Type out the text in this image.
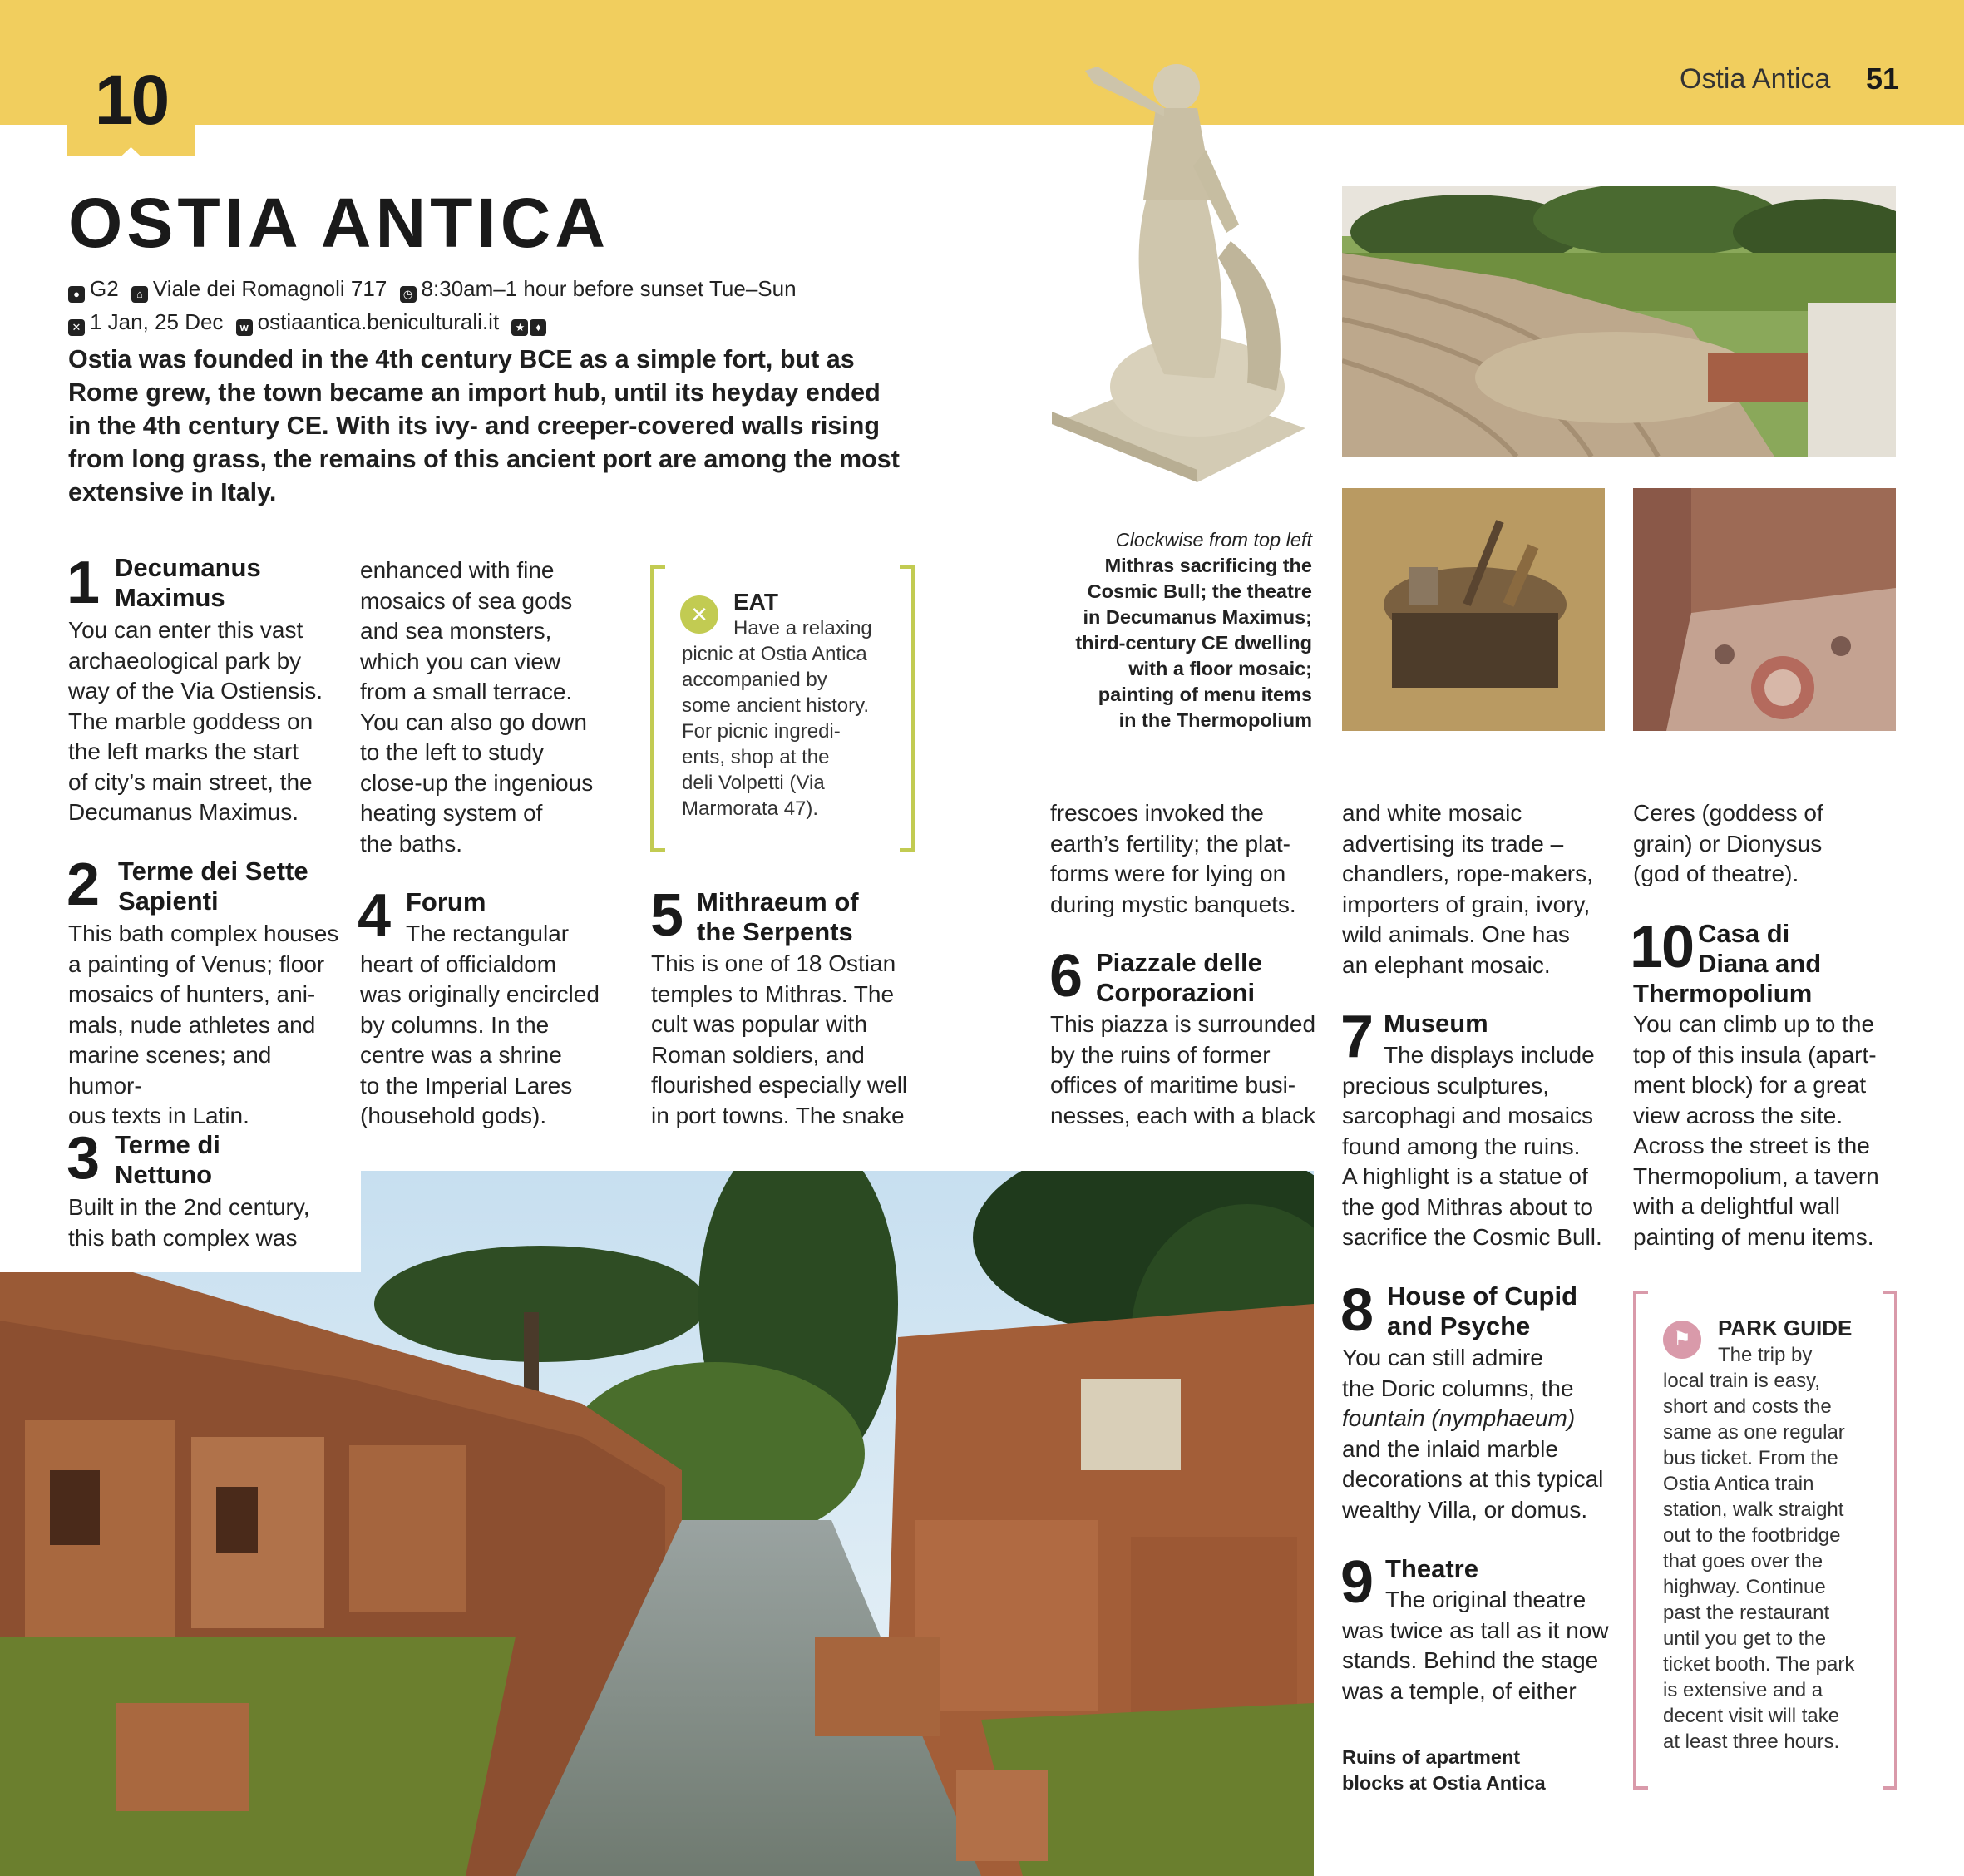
10	Ostia Antica 51
OSTIA ANTICA
● G2 ⌂ Viale dei Romagnoli 717 ◷ 8:30am–1 hour before sunset Tue–Sun
✕ 1 Jan, 25 Dec w ostiaantica.beniculturali.it ★ ♦
Ostia was founded in the 4th century BCE as a simple fort, but as
Rome grew, the town became an import hub, until its heyday ended
in the 4th century CE. With its ivy- and creeper-covered walls rising
from long grass, the remains of this ancient port are among the most
extensive in Italy.
1 Decumanus
Maximus
You can enter this vast
archaeological park by
way of the Via Ostiensis.
The marble goddess on
the left marks the start
of city’s main street, the
Decumanus Maximus.
2 Terme dei Sette
Sapienti
This bath complex houses
a painting of Venus; floor
mosaics of hunters, ani-
mals, nude athletes and
marine scenes; and humor-
ous texts in Latin.
enhanced with fine
mosaics of sea gods
and sea monsters,
which you can view
from a small terrace.
You can also go down
to the left to study
close-up the ingenious
heating system of
the baths.
4 Forum
The rectangular
heart of officialdom
was originally encircled
by columns. In the
centre was a shrine
to the Imperial Lares
(household gods).
✕	EAT
Have a relaxing
picnic at Ostia Antica
accompanied by
some ancient history.
For picnic ingredi-
ents, shop at the
deli Volpetti (Via
Marmorata 47).
5 Mithraeum of
the Serpents
This is one of 18 Ostian
temples to Mithras. The
cult was popular with
Roman soldiers, and
flourished especially well
in port towns. The snake
Clockwise from top left
Mithras sacrificing the
Cosmic Bull; the theatre
in Decumanus Maximus;
third-century CE dwelling
with a floor mosaic;
painting of menu items
in the Thermopolium
frescoes invoked the
earth’s fertility; the plat-
forms were for lying on
during mystic banquets.
6 Piazzale delle
Corporazioni
This piazza is surrounded
by the ruins of former
offices of maritime busi-
nesses, each with a black
and white mosaic
advertising its trade –
chandlers, rope-makers,
importers of grain, ivory,
wild animals. One has
an elephant mosaic.
7 Museum
The displays include
precious sculptures,
sarcophagi and mosaics
found among the ruins.
A highlight is a statue of
the god Mithras about to
sacrifice the Cosmic Bull.
8 House of Cupid
and Psyche
You can still admire
the Doric columns, the
fountain (nymphaeum)
and the inlaid marble
decorations at this typical
wealthy Villa, or domus.
9 Theatre
The original theatre
was twice as tall as it now
stands. Behind the stage
was a temple, of either
Ruins of apartment
blocks at Ostia Antica
Ceres (goddess of
grain) or Dionysus
(god of theatre).
10 Casa di
Diana and
Thermopolium
You can climb up to the
top of this insula (apart-
ment block) for a great
view across the site.
Across the street is the
Thermopolium, a tavern
with a delightful wall
painting of menu items.
⚑	PARK GUIDE
The trip by
local train is easy,
short and costs the
same as one regular
bus ticket. From the
Ostia Antica train
station, walk straight
out to the footbridge
that goes over the
highway. Continue
past the restaurant
until you get to the
ticket booth. The park
is extensive and a
decent visit will take
at least three hours.
3 Terme di
Nettuno
Built in the 2nd century,
this bath complex was
